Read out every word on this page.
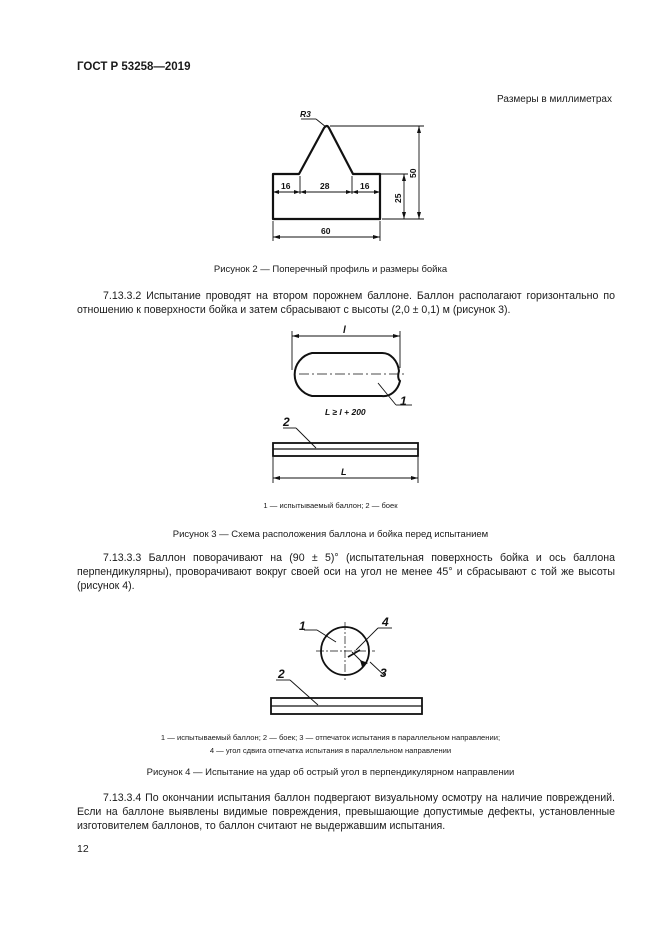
ГОСТ Р 53258—2019
Размеры в миллиметрах
R3
16	28	16
60
50
25
Рисунок 2 — Поперечный профиль и размеры бойка
7.13.3.2 Испытание проводят на втором порожнем баллоне. Баллон располагают горизонтально по отношению к поверхности бойка и затем сбрасывают с высоты (2,0 ± 0,1) м (рисунок 3).
l
1
L ≥ l + 200
2
L
1 — испытываемый баллон; 2 — боек
Рисунок 3 — Схема расположения баллона и бойка перед испытанием
7.13.3.3 Баллон поворачивают на (90 ± 5)° (испытательная поверхность бойка и ось баллона перпендикулярны), проворачивают вокруг своей оси на угол не менее 45° и сбрасывают с той же высоты (рисунок 4).
1	4
3
2
1 — испытываемый баллон; 2 — боек; 3 — отпечаток испытания в параллельном направлении;
4 — угол сдвига отпечатка испытания в параллельном направлении
Рисунок 4 — Испытание на удар об острый угол в перпендикулярном направлении
7.13.3.4 По окончании испытания баллон подвергают визуальному осмотру на наличие повреждений. Если на баллоне выявлены видимые повреждения, превышающие допустимые дефекты, установленные изготовителем баллонов, то баллон считают не выдержавшим испытания.
12
